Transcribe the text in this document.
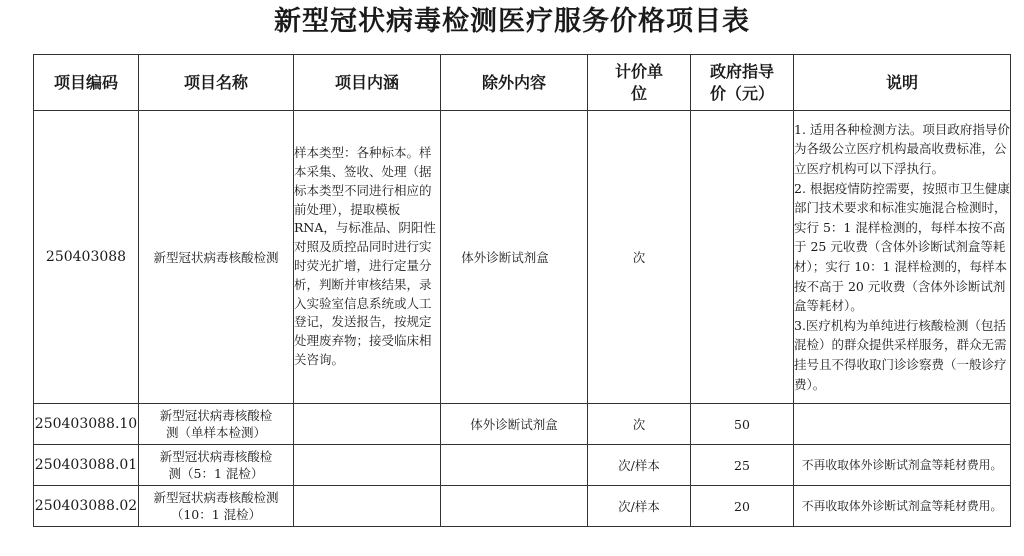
新型冠状病毒检测医疗服务价格项目表
项目编码	项目名称	项目内涵	除外内容	计价单位	政府指导价（元）	说明
250403088	新型冠状病毒核酸检测	样本类型：各种标本。样本采集、签收、处理（据标本类型不同进行相应的前处理），提取模板 RNA，与标准品、阴阳性对照及质控品同时进行实时荧光扩增，进行定量分析，判断并审核结果，录入实验室信息系统或人工登记，发送报告，按规定处理废弃物；接受临床相关咨询。	体外诊断试剂盒	次		1. 适用各种检测方法。项目政府指导价为各级公立医疗机构最高收费标准，公立医疗机构可以下浮执行。

2. 根据疫情防控需要，按照市卫生健康部门技术要求和标准实施混合检测时，实行 5：1 混样检测的，每样本按不高于 25 元收费（含体外诊断试剂盒等耗材）；实行 10：1 混样检测的，每样本按不高于 20 元收费（含体外诊断试剂盒等耗材）。

3.医疗机构为单纯进行核酸检测（包括混检）的群众提供采样服务，群众无需挂号且不得收取门诊诊察费（一般诊疗费）。

250403088.10	新型冠状病毒核酸检测（单样本检测）		体外诊断试剂盒	次	50	
250403088.01	新型冠状病毒核酸检测（5：1 混检）			次/样本	25	不再收取体外诊断试剂盒等耗材费用。
250403088.02	新型冠状病毒核酸检测（10：1 混检）			次/样本	20	不再收取体外诊断试剂盒等耗材费用。
